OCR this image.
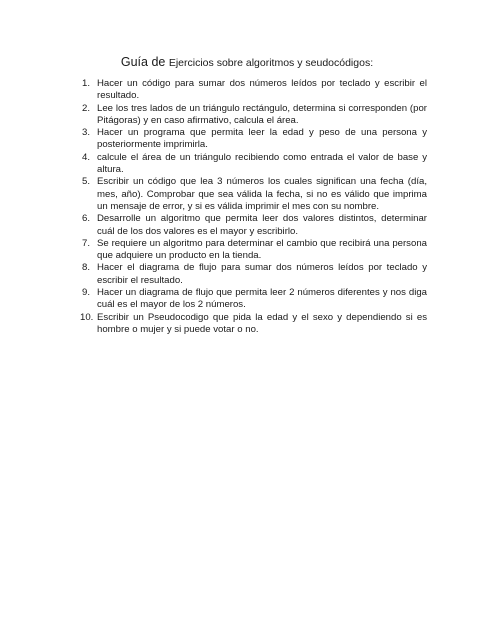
Guía de Ejercicios sobre algoritmos y seudocódigos:
1. Hacer un código para sumar dos números leídos por teclado y escribir el resultado.
2. Lee los tres lados de un triángulo rectángulo, determina si corresponden (por Pitágoras) y en caso afirmativo, calcula el área.
3. Hacer un programa que permita leer la edad y peso de una persona y posteriormente imprimirla.
4. calcule el área de un triángulo recibiendo como entrada el valor de base y altura.
5. Escribir un código que lea 3 números los cuales significan una fecha (día, mes, año). Comprobar que sea válida la fecha, si no es válido que imprima un mensaje de error, y si es válida imprimir el mes con su nombre.
6. Desarrolle un algoritmo que permita leer dos valores distintos, determinar cuál de los dos valores es el mayor y escribirlo.
7. Se requiere un algoritmo para determinar el cambio que recibirá una persona que adquiere un producto en la tienda.
8. Hacer el diagrama de flujo para sumar dos números leídos por teclado y escribir el resultado.
9. Hacer un diagrama de flujo que permita leer 2 números diferentes y nos diga cuál es el mayor de los 2 números.
10. Escribir un Pseudocodigo que pida la edad y el sexo y dependiendo si es hombre o mujer y si puede votar o no.
